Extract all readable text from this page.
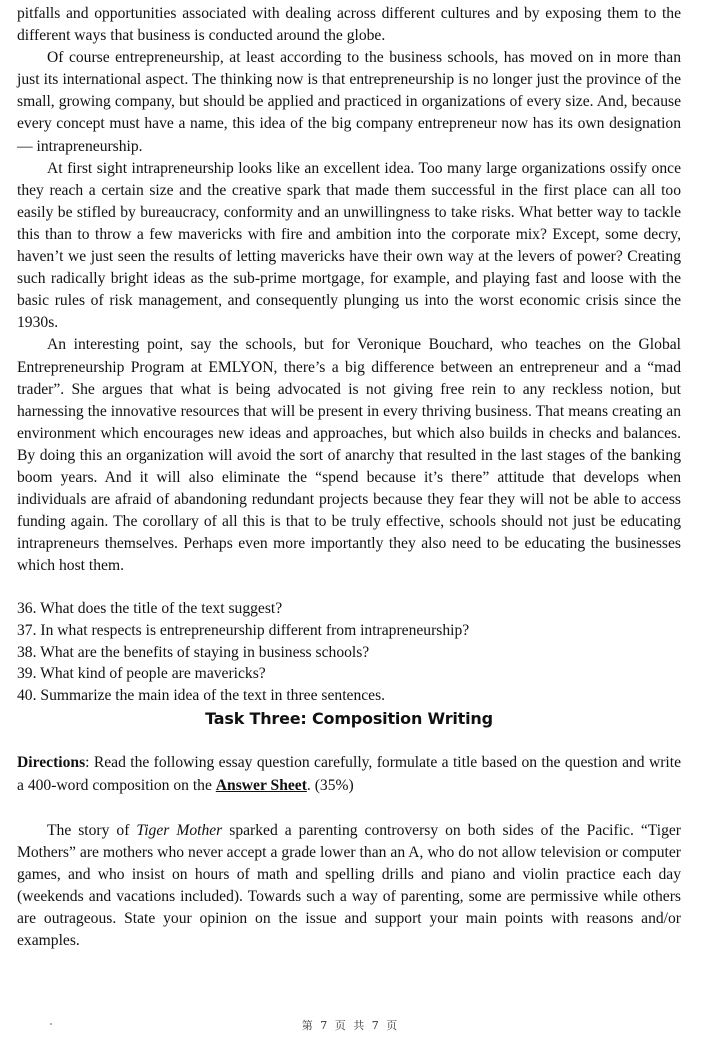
pitfalls and opportunities associated with dealing across different cultures and by exposing them to the different ways that business is conducted around the globe.

Of course entrepreneurship, at least according to the business schools, has moved on in more than just its international aspect. The thinking now is that entrepreneurship is no longer just the province of the small, growing company, but should be applied and practiced in organizations of every size. And, because every concept must have a name, this idea of the big company entrepreneur now has its own designation— intrapreneurship.

At first sight intrapreneurship looks like an excellent idea. Too many large organizations ossify once they reach a certain size and the creative spark that made them successful in the first place can all too easily be stifled by bureaucracy, conformity and an unwillingness to take risks. What better way to tackle this than to throw a few mavericks with fire and ambition into the corporate mix? Except, some decry, haven’t we just seen the results of letting mavericks have their own way at the levers of power? Creating such radically bright ideas as the sub-prime mortgage, for example, and playing fast and loose with the basic rules of risk management, and consequently plunging us into the worst economic crisis since the 1930s.

An interesting point, say the schools, but for Veronique Bouchard, who teaches on the Global Entrepreneurship Program at EMLYON, there’s a big difference between an entrepreneur and a “mad trader”. She argues that what is being advocated is not giving free rein to any reckless notion, but harnessing the innovative resources that will be present in every thriving business. That means creating an environment which encourages new ideas and approaches, but which also builds in checks and balances. By doing this an organization will avoid the sort of anarchy that resulted in the last stages of the banking boom years. And it will also eliminate the “spend because it’s there” attitude that develops when individuals are afraid of abandoning redundant projects because they fear they will not be able to access funding again. The corollary of all this is that to be truly effective, schools should not just be educating intrapreneurs themselves. Perhaps even more importantly they also need to be educating the businesses which host them.

36. What does the title of the text suggest?
37. In what respects is entrepreneurship different from intrapreneurship?
38. What are the benefits of staying in business schools?
39. What kind of people are mavericks?
40. Summarize the main idea of the text in three sentences.
Task Three: Composition Writing

Directions: Read the following essay question carefully, formulate a title based on the question and write a 400-word composition on the Answer Sheet. (35%)

The story of Tiger Mother sparked a parenting controversy on both sides of the Pacific. “Tiger Mothers” are mothers who never accept a grade lower than an A, who do not allow television or computer games, and who insist on hours of math and spelling drills and piano and violin practice each day (weekends and vacations included). Towards such a way of parenting, some are permissive while others are outrageous. State your opinion on the issue and support your main points with reasons and/or examples.

第 7 页 共 7 页
